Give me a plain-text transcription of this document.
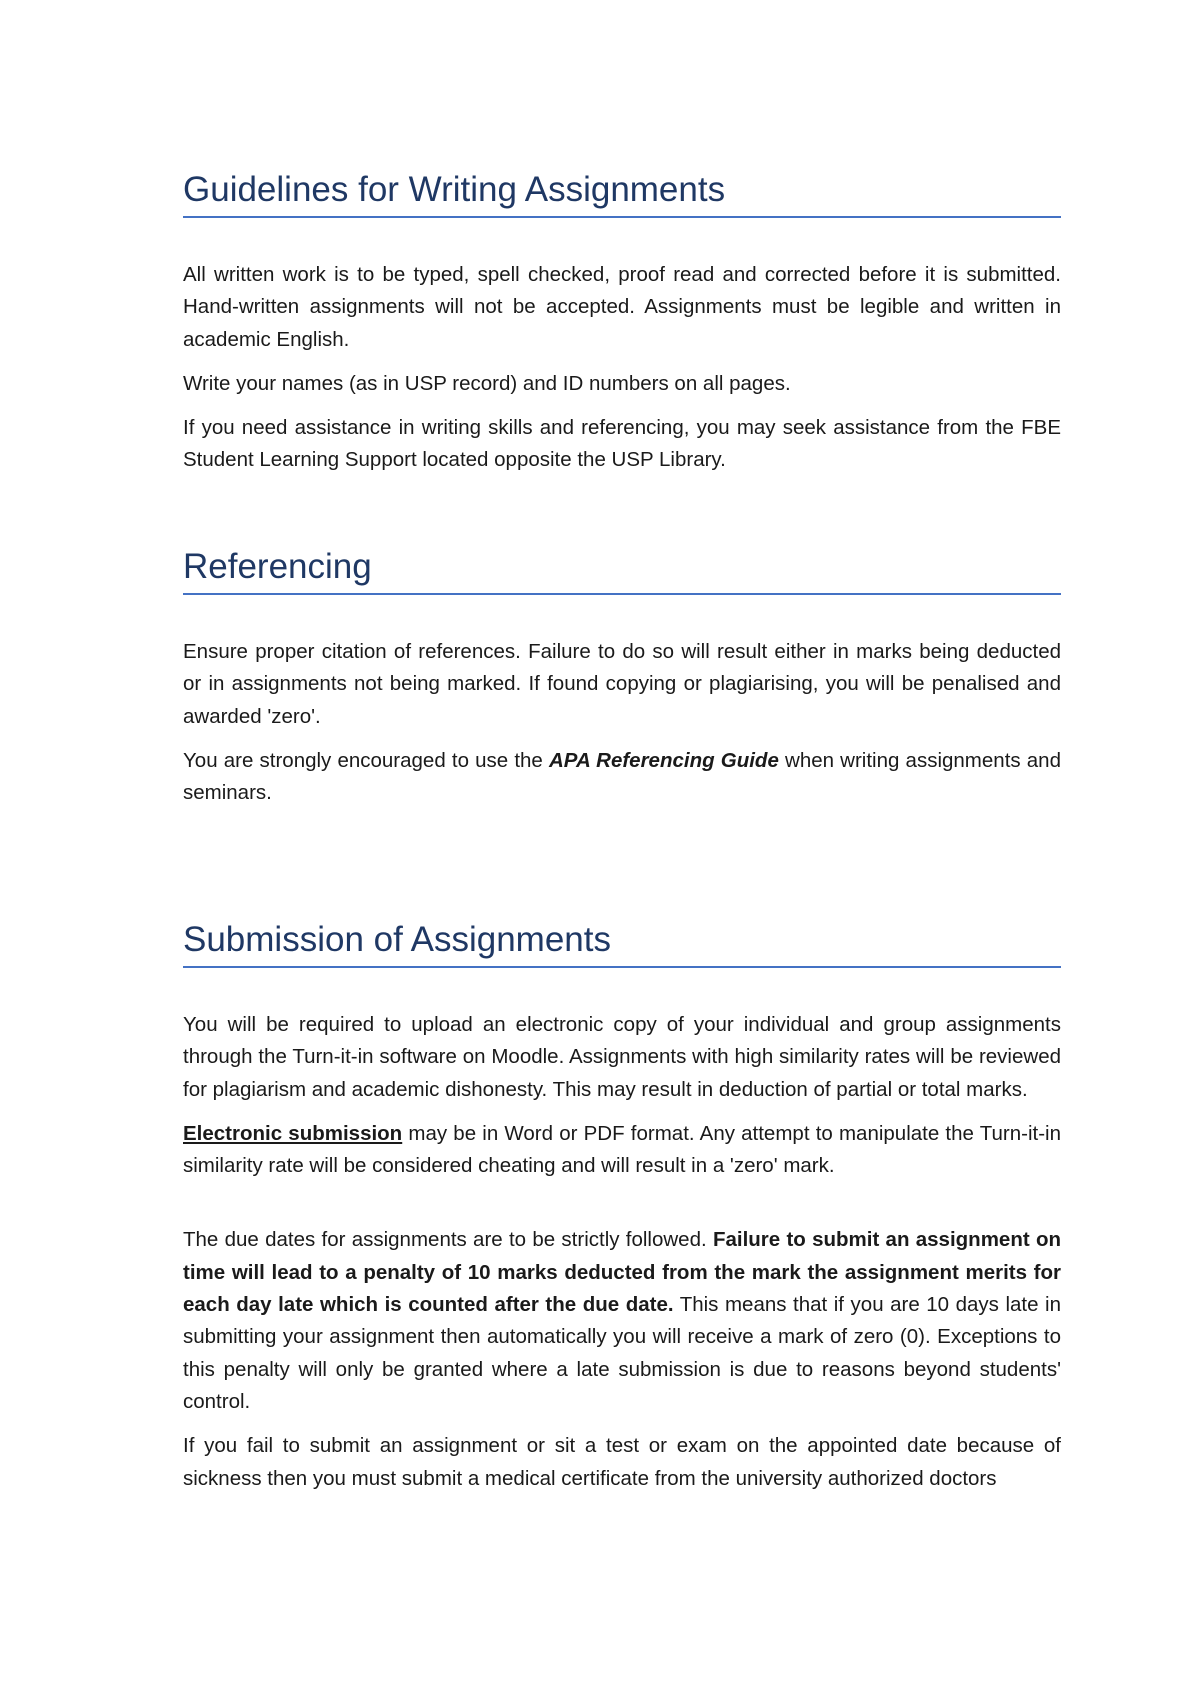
Guidelines for Writing Assignments

All written work is to be typed, spell checked, proof read and corrected before it is submitted. Hand-written assignments will not be accepted. Assignments must be legible and written in academic English.

Write your names (as in USP record) and ID numbers on all pages.

If you need assistance in writing skills and referencing, you may seek assistance from the FBE Student Learning Support located opposite the USP Library.

Referencing

Ensure proper citation of references. Failure to do so will result either in marks being deducted or in assignments not being marked. If found copying or plagiarising, you will be penalised and awarded 'zero'.

You are strongly encouraged to use the APA Referencing Guide when writing assignments and seminars.

Submission of Assignments

You will be required to upload an electronic copy of your individual and group assignments through the Turn-it-in software on Moodle. Assignments with high similarity rates will be reviewed for plagiarism and academic dishonesty. This may result in deduction of partial or total marks.

Electronic submission may be in Word or PDF format. Any attempt to manipulate the Turn-it-in similarity rate will be considered cheating and will result in a 'zero' mark.

The due dates for assignments are to be strictly followed. Failure to submit an assignment on time will lead to a penalty of 10 marks deducted from the mark the assignment merits for each day late which is counted after the due date. This means that if you are 10 days late in submitting your assignment then automatically you will receive a mark of zero (0). Exceptions to this penalty will only be granted where a late submission is due to reasons beyond students' control.

If you fail to submit an assignment or sit a test or exam on the appointed date because of sickness then you must submit a medical certificate from the university authorized doctors
